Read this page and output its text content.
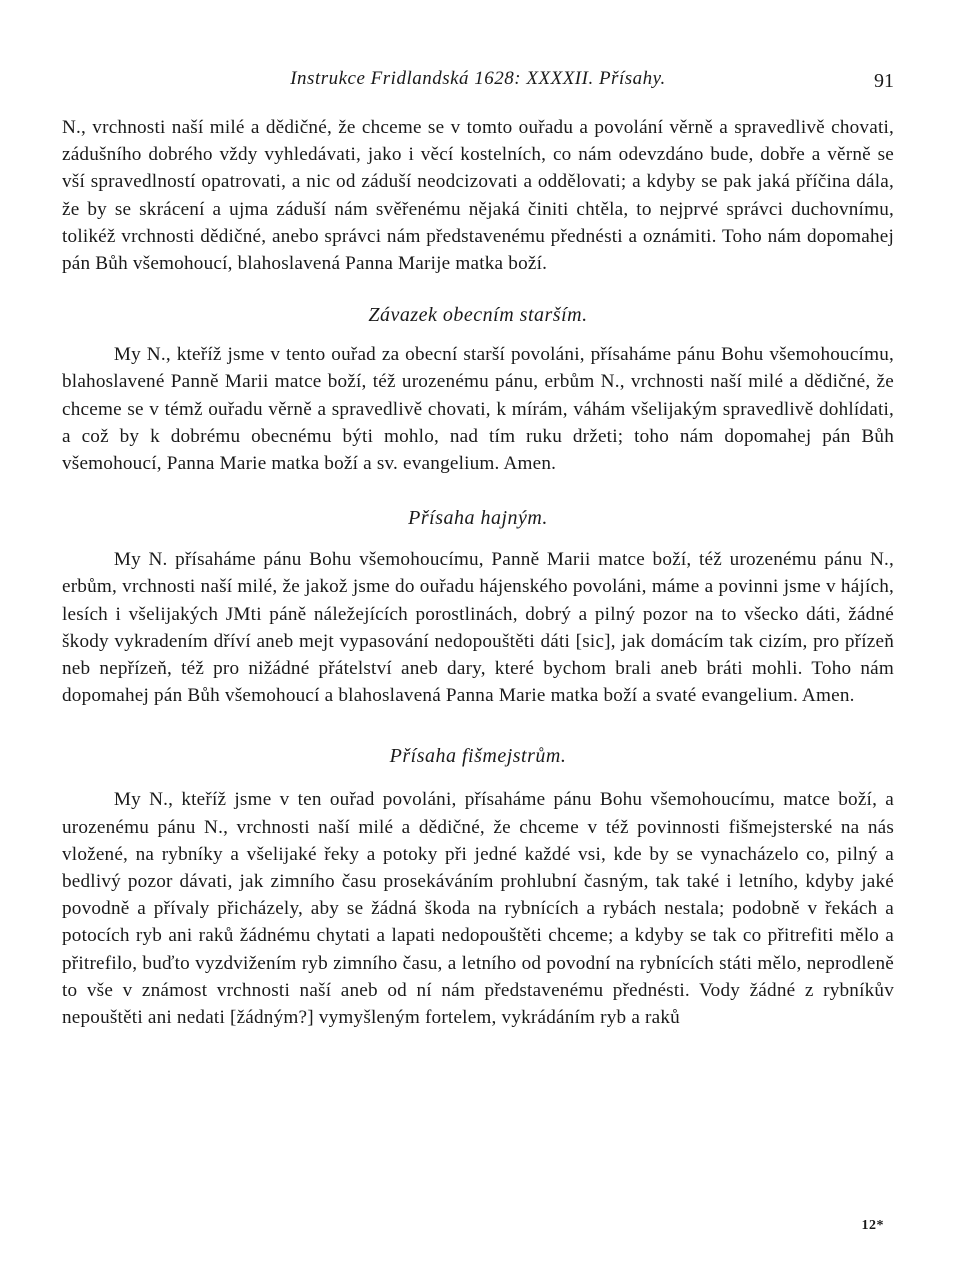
Instrukce Fridlandská 1628: XXXXII. Přísahy.	91

N., vrchnosti naší milé a dědičné, že chceme se v tomto ouřadu a povolání věrně a spravedlivě chovati, zádušního dobrého vždy vyhledávati, jako i věcí kostelních, co nám odevzdáno bude, dobře a věrně se vší spravedlností opatrovati, a nic od záduší neodcizovati a oddělovati; a kdyby se pak jaká příčina dála, že by se skrácení a ujma záduší nám svěřenému nějaká činiti chtěla, to nejprvé správci duchovnímu, tolikéž vrchnosti dědičné, anebo správci nám představenému přednésti a oznámiti. Toho nám dopomahej pán Bůh všemohoucí, blahoslavená Panna Marije matka boží.

Závazek obecním starším.

My N., kteříž jsme v tento ouřad za obecní starší povoláni, přísaháme pánu Bohu všemohoucímu, blahoslavené Panně Marii matce boží, též urozenému pánu, erbům N., vrchnosti naší milé a dědičné, že chceme se v témž ouřadu věrně a spravedlivě chovati, k mírám, váhám všelijakým spravedlivě dohlídati, a což by k dobrému obecnému býti mohlo, nad tím ruku držeti; toho nám dopomahej pán Bůh všemohoucí, Panna Marie matka boží a sv. evangelium. Amen.

Přísaha hajným.

My N. přísaháme pánu Bohu všemohoucímu, Panně Marii matce boží, též urozenému pánu N., erbům, vrchnosti naší milé, že jakož jsme do ouřadu hájenského povoláni, máme a povinni jsme v hájích, lesích i všelijakých JMti páně náležejících porostlinách, dobrý a pilný pozor na to všecko dáti, žádné škody vykradením dříví aneb mejt vypasování nedopouštěti dáti [sic], jak domácím tak cizím, pro přízeň neb nepřízeň, též pro nižádné přátelství aneb dary, které bychom brali aneb bráti mohli. Toho nám dopomahej pán Bůh všemohoucí a blahoslavená Panna Marie matka boží a svaté evangelium. Amen.

Přísaha fišmejstrům.

My N., kteříž jsme v ten ouřad povoláni, přísaháme pánu Bohu všemohoucímu, matce boží, a urozenému pánu N., vrchnosti naší milé a dědičné, že chceme v též povinnosti fišmejsterské na nás vložené, na rybníky a všelijaké řeky a potoky při jedné každé vsi, kde by se vynacházelo co, pilný a bedlivý pozor dávati, jak zimního času prosekáváním prohlubní časným, tak také i letního, kdyby jaké povodně a přívaly přicházely, aby se žádná škoda na rybnících a rybách nestala; podobně v řekách a potocích ryb ani raků žádnému chytati a lapati nedopouštěti chceme; a kdyby se tak co přitrefiti mělo a přitrefilo, buďto vyzdvižením ryb zimního času, a letního od povodní na rybnících státi mělo, neprodleně to vše v známost vrchnosti naší aneb od ní nám představenému přednésti. Vody žádné z rybníkův nepouštěti ani nedati [žádným?] vymyšleným fortelem, vykrádáním ryb a raků

12*
